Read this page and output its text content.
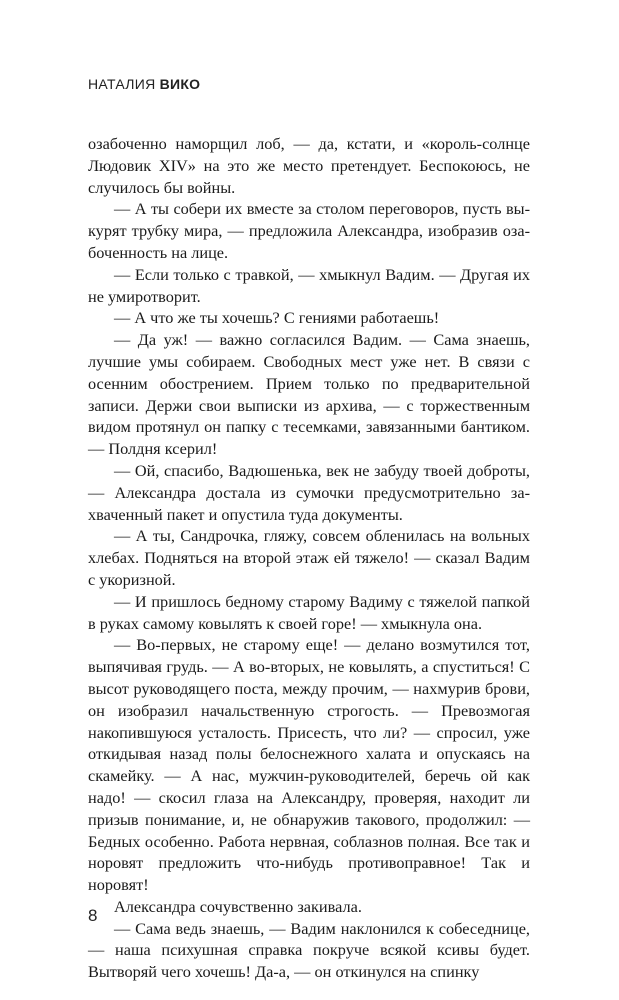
НАТАЛИЯ ВИКО

озабоченно наморщил лоб, — да, кстати, и «король-солнце Людовик XIV» на это же место претендует. Беспокоюсь, не случилось бы войны.

— А ты собери их вместе за столом переговоров, пусть выкурят трубку мира, — предложила Александра, изобразив озабоченность на лице.

— Если только с травкой, — хмыкнул Вадим. — Другая их не умиротворит.

— А что же ты хочешь? С гениями работаешь!

— Да уж! — важно согласился Вадим. — Сама знаешь, лучшие умы собираем. Свободных мест уже нет. В связи с осенним обострением. Прием только по предварительной записи. Держи свои выписки из архива, — с торжественным видом протянул он папку с тесемками, завязанными бантиком. — Полдня ксерил!

— Ой, спасибо, Вадюшенька, век не забуду твоей доброты, — Александра достала из сумочки предусмотрительно захваченный пакет и опустила туда документы.

— А ты, Сандрочка, гляжу, совсем обленилась на вольных хлебах. Подняться на второй этаж ей тяжело! — сказал Вадим с укоризной.

— И пришлось бедному старому Вадиму с тяжелой папкой в руках самому ковылять к своей горе! — хмыкнула она.

— Во-первых, не старому еще! — делано возмутился тот, выпячивая грудь. — А во-вторых, не ковылять, а спуститься! С высот руководящего поста, между прочим, — нахмурив брови, он изобразил начальственную строгость. — Превозмогая накопившуюся усталость. Присесть, что ли? — спросил, уже откидывая назад полы белоснежного халата и опускаясь на скамейку. — А нас, мужчин-руководителей, беречь ой как надо! — скосил глаза на Александру, проверяя, находит ли призыв понимание, и, не обнаружив такового, продолжил: — Бедных особенно. Работа нервная, соблазнов полная. Все так и норовят предложить что-нибудь противоправное! Так и норовят!

Александра сочувственно закивала.

— Сама ведь знаешь, — Вадим наклонился к собеседнице, — наша психушная справка покруче всякой ксивы будет. Вытворяй чего хочешь! Да-а, — он откинулся на спинку

8
